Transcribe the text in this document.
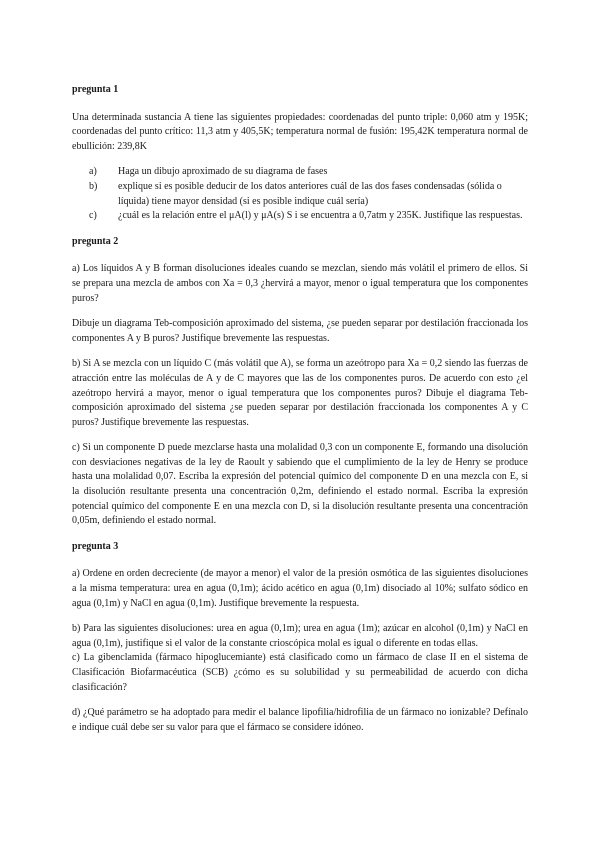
pregunta 1

Una determinada sustancia A tiene las siguientes propiedades: coordenadas del punto triple: 0,060 atm y 195K; coordenadas del punto crítico: 11,3 atm y 405,5K; temperatura normal de fusión: 195,42K temperatura normal de ebullición: 239,8K

a) Haga un dibujo aproximado de su diagrama de fases
b) explique si es posible deducir de los datos anteriores cuál de las dos fases condensadas (sólida o líquida) tiene mayor densidad (si es posible indique cuál sería)
c) ¿cuál es la relación entre el μA(l) y μA(s) S i se encuentra a 0,7atm y 235K. Justifique las respuestas.

pregunta 2

a) Los líquidos A y B forman disoluciones ideales cuando se mezclan, siendo más volátil el primero de ellos. Si se prepara una mezcla de ambos con Xa = 0,3 ¿hervirá a mayor, menor o igual temperatura que los componentes puros?

Dibuje un diagrama Teb-composición aproximado del sistema, ¿se pueden separar por destilación fraccionada los componentes A y B puros? Justifique brevemente las respuestas.

b) Si A se mezcla con un líquido C (más volátil que A), se forma un azeótropo para Xa = 0,2 siendo las fuerzas de atracción entre las moléculas de A y de C mayores que las de los componentes puros. De acuerdo con esto ¿el azeótropo hervirá a mayor, menor o igual temperatura que los componentes puros? Dibuje el diagrama Teb-composición aproximado del sistema ¿se pueden separar por destilación fraccionada los componentes A y C puros? Justifique brevemente las respuestas.

c) Si un componente D puede mezclarse hasta una molalidad 0,3 con un componente E, formando una disolución con desviaciones negativas de la ley de Raoult y sabiendo que el cumplimiento de la ley de Henry se produce hasta una molalidad 0,07. Escriba la expresión del potencial químico del componente D en una mezcla con E, si la disolución resultante presenta una concentración 0,2m, definiendo el estado normal. Escriba la expresión potencial químico del componente E en una mezcla con D, si la disolución resultante presenta una concentración 0,05m, definiendo el estado normal.

pregunta 3

a) Ordene en orden decreciente (de mayor a menor) el valor de la presión osmótica de las siguientes disoluciones a la misma temperatura: urea en agua (0,1m); ácido acético en agua (0,1m) disociado al 10%; sulfato sódico en agua (0,1m) y NaCl en agua (0,1m). Justifique brevemente la respuesta.

b) Para las siguientes disoluciones: urea en agua (0,1m); urea en agua (1m); azúcar en alcohol (0,1m) y NaCl en agua (0,1m), justifique si el valor de la constante crioscópica molal es igual o diferente en todas ellas.

c) La gibenclamida (fármaco hipoglucemiante) está clasificado como un fármaco de clase II en el sistema de Clasificación Biofarmacéutica (SCB) ¿cómo es su solubilidad y su permeabilidad de acuerdo con dicha clasificación?

d) ¿Qué parámetro se ha adoptado para medir el balance lipofilia/hidrofilia de un fármaco no ionizable? Defínalo e indique cuál debe ser su valor para que el fármaco se considere idóneo.
